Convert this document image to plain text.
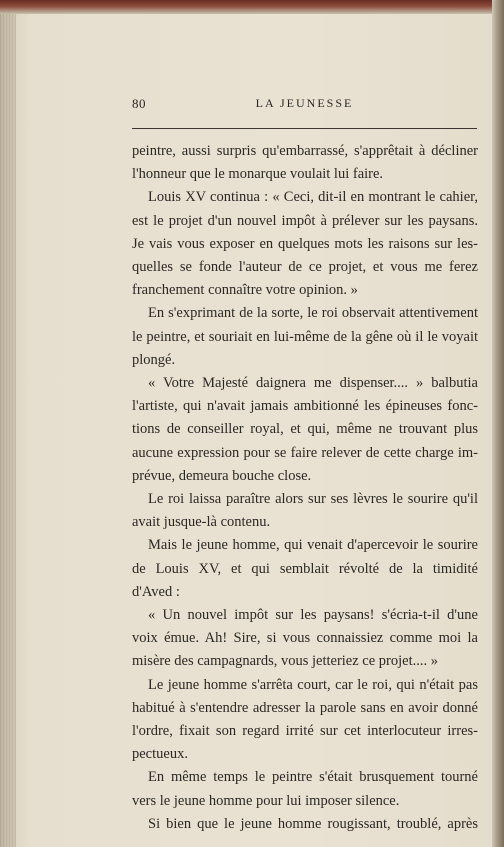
80	LA JEUNESSE
peintre, aussi surpris qu'embarrassé, s'apprêtait à décliner
l'honneur que le monarque voulait lui faire.
Louis XV continua : « Ceci, dit-il en montrant le cahier,
est le projet d'un nouvel impôt à prélever sur les paysans.
Je vais vous exposer en quelques mots les raisons sur les-
quelles se fonde l'auteur de ce projet, et vous me ferez
franchement connaître votre opinion. »
En s'exprimant de la sorte, le roi observait attentivement
le peintre, et souriait en lui-même de la gêne où il le voyait
plongé.
« Votre Majesté daignera me dispenser.... » balbutia
l'artiste, qui n'avait jamais ambitionné les épineuses fonc-
tions de conseiller royal, et qui, même ne trouvant plus
aucune expression pour se faire relever de cette charge im-
prévue, demeura bouche close.
Le roi laissa paraître alors sur ses lèvres le sourire qu'il
avait jusque-là contenu.
Mais le jeune homme, qui venait d'apercevoir le sourire
de Louis XV, et qui semblait révolté de la timidité
d'Aved :
« Un nouvel impôt sur les paysans! s'écria-t-il d'une
voix émue. Ah! Sire, si vous connaissiez comme moi la
misère des campagnards, vous jetteriez ce projet.... »
Le jeune homme s'arrêta court, car le roi, qui n'était pas
habitué à s'entendre adresser la parole sans en avoir donné
l'ordre, fixait son regard irrité sur cet interlocuteur irres-
pectueux.
En même temps le peintre s'était brusquement tourné
vers le jeune homme pour lui imposer silence.
Si bien que le jeune homme rougissant, troublé, après
